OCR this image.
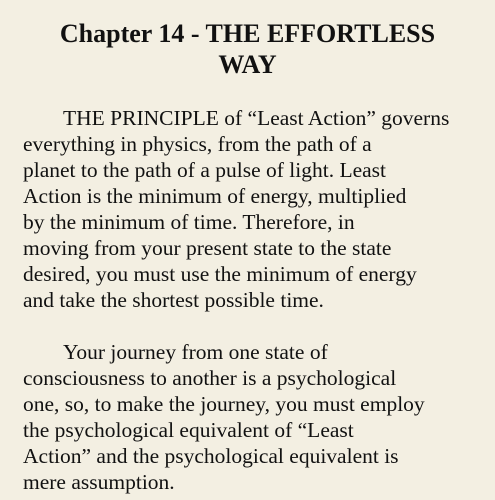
Chapter 14 - THE EFFORTLESS
WAY

THE PRINCIPLE of “Least Action” governs
everything in physics, from the path of a
planet to the path of a pulse of light. Least
Action is the minimum of energy, multiplied
by the minimum of time. Therefore, in
moving from your present state to the state
desired, you must use the minimum of energy
and take the shortest possible time.

Your journey from one state of
consciousness to another is a psychological
one, so, to make the journey, you must employ
the psychological equivalent of “Least
Action” and the psychological equivalent is
mere assumption.
